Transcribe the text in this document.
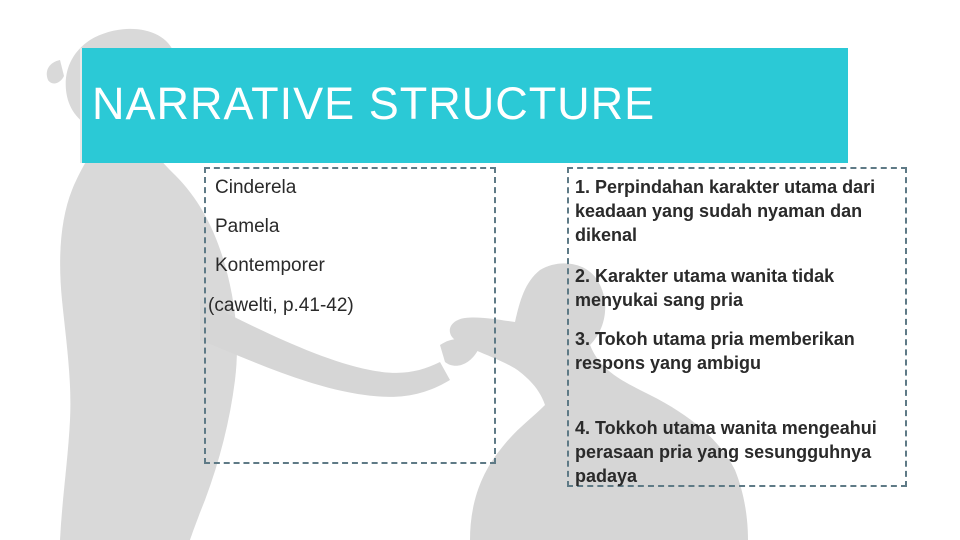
NARRATIVE STRUCTURE
Cinderela
Pamela
Kontemporer
(cawelti, p.41-42)
1. Perpindahan karakter utama dari keadaan yang sudah nyaman dan dikenal
2. Karakter utama wanita tidak menyukai sang pria
3. Tokoh utama pria memberikan respons yang ambigu
4. Tokkoh utama wanita mengeahui perasaan pria yang sesungguhnya padaya
